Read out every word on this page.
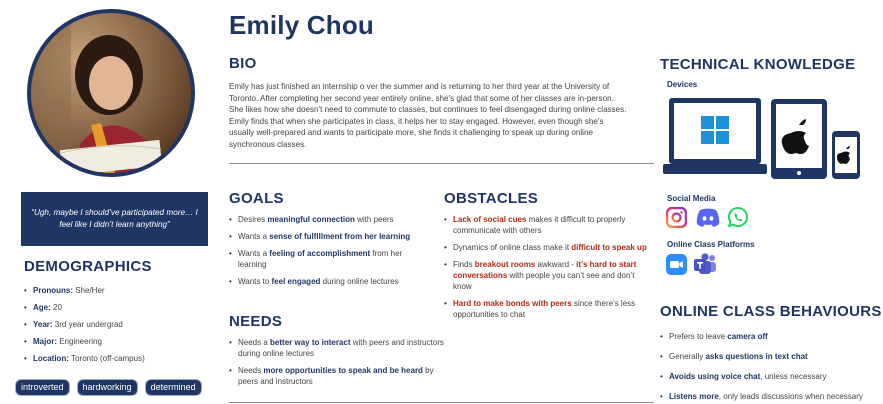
Emily Chou
BIO
Emily has just finished an internship o ver the summer and is returning to her third year at the University of Toronto. After completing her second year entirely online, she's glad that some of her classes are in-person. She likes how she doesn't need to commute to classes, but continues to feel disengaged during online classes. Emily finds that when she participates in class, it helps her to stay engaged. However, even though she's usually well-prepared and wants to participate more, she finds it challenging to speak up during online synchronous classes.
“Ugh, maybe I should’ve participated more… I feel like I didn’t learn anything”
DEMOGRAPHICS
• Pronouns: She/Her
• Age: 20
• Year: 3rd year undergrad
• Major: Engineering
• Location: Toronto (off-campus)
introverted	hardworking	determined
GOALS
• Desires meaningful connection with peers
• Wants a sense of fulfillment from her learning
• Wants a feeling of accomplishment from her learning
• Wants to feel engaged during online lectures
NEEDS
• Needs a better way to interact with peers and instructors during online lectures
• Needs more opportunities to speak and be heard by peers and instructors
OBSTACLES
• Lack of social cues makes it difficult to properly communicate with others
• Dynamics of online class make it difficult to speak up
• Finds breakout rooms awkward - it’s hard to start conversations with people you can’t see and don’t know
• Hard to make bonds with peers since there’s less opportunities to chat
TECHNICAL KNOWLEDGE
Devices
Social Media
Online Class Platforms
ONLINE CLASS BEHAVIOURS
• Prefers to leave camera off
• Generally asks questions in text chat
• Avoids using voice chat, unless necessary
• Listens more, only leads discussions when necessary
